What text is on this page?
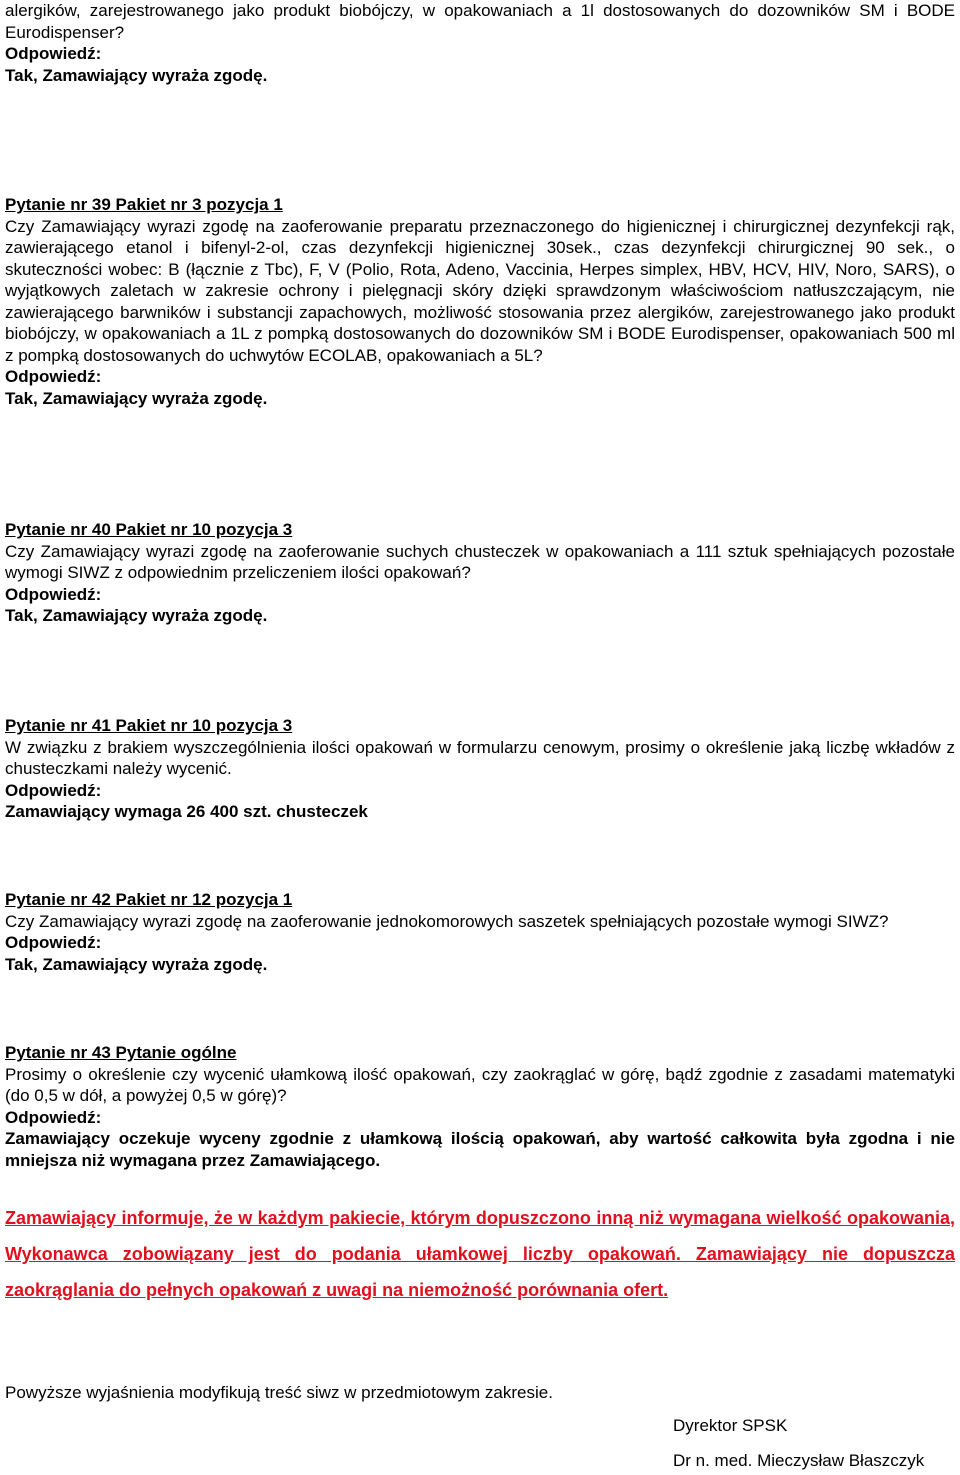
alergików, zarejestrowanego jako produkt biobójczy, w opakowaniach a 1l dostosowanych do dozowników SM i BODE Eurodispenser?

Odpowiedź:

Tak, Zamawiający wyraża zgodę.

Pytanie nr 39 Pakiet nr 3 pozycja 1

Czy Zamawiający wyrazi zgodę na zaoferowanie preparatu przeznaczonego do higienicznej i chirurgicznej dezynfekcji rąk, zawierającego etanol i bifenyl-2-ol, czas dezynfekcji higienicznej 30sek., czas dezynfekcji chirurgicznej 90 sek., o skuteczności wobec: B (łącznie z Tbc), F, V (Polio, Rota, Adeno, Vaccinia, Herpes simplex, HBV, HCV, HIV, Noro, SARS), o wyjątkowych zaletach w zakresie ochrony i pielęgnacji skóry dzięki sprawdzonym właściwościom natłuszczającym, nie zawierającego barwników i substancji zapachowych, możliwość stosowania przez alergików, zarejestrowanego jako produkt biobójczy, w opakowaniach a 1L z pompką dostosowanych do dozowników SM i BODE Eurodispenser, opakowaniach 500 ml z pompką dostosowanych do uchwytów ECOLAB, opakowaniach a 5L?

Odpowiedź:

Tak, Zamawiający wyraża zgodę.

Pytanie nr 40 Pakiet nr 10 pozycja 3

Czy Zamawiający wyrazi zgodę na zaoferowanie suchych chusteczek w opakowaniach a 111 sztuk spełniających pozostałe wymogi SIWZ z odpowiednim przeliczeniem ilości opakowań?

Odpowiedź:

Tak, Zamawiający wyraża zgodę.

Pytanie nr 41 Pakiet nr 10 pozycja 3

W związku z brakiem wyszczególnienia ilości opakowań w formularzu cenowym, prosimy o określenie jaką liczbę wkładów z chusteczkami należy wycenić.

Odpowiedź:

Zamawiający wymaga 26 400 szt. chusteczek

Pytanie nr 42 Pakiet nr 12 pozycja 1

Czy Zamawiający wyrazi zgodę na zaoferowanie jednokomorowych saszetek spełniających pozostałe wymogi SIWZ?

Odpowiedź:

Tak, Zamawiający wyraża zgodę.

Pytanie nr 43 Pytanie ogólne

Prosimy o określenie czy wycenić ułamkową ilość opakowań, czy zaokrąglać w górę, bądź zgodnie z zasadami matematyki (do 0,5 w dół, a powyżej 0,5 w górę)?

Odpowiedź:

Zamawiający oczekuje wyceny zgodnie z ułamkową ilością opakowań, aby wartość całkowita była zgodna i nie mniejsza niż wymagana przez Zamawiającego.

Zamawiający informuje, że w każdym pakiecie, którym dopuszczono inną niż wymagana wielkość opakowania, Wykonawca zobowiązany jest do podania ułamkowej liczby opakowań. Zamawiający nie dopuszcza zaokrąglania do pełnych opakowań z uwagi na niemożność porównania ofert.

Powyższe wyjaśnienia modyfikują treść siwz w przedmiotowym zakresie.

Dyrektor SPSK
Dr n. med. Mieczysław Błaszczyk
